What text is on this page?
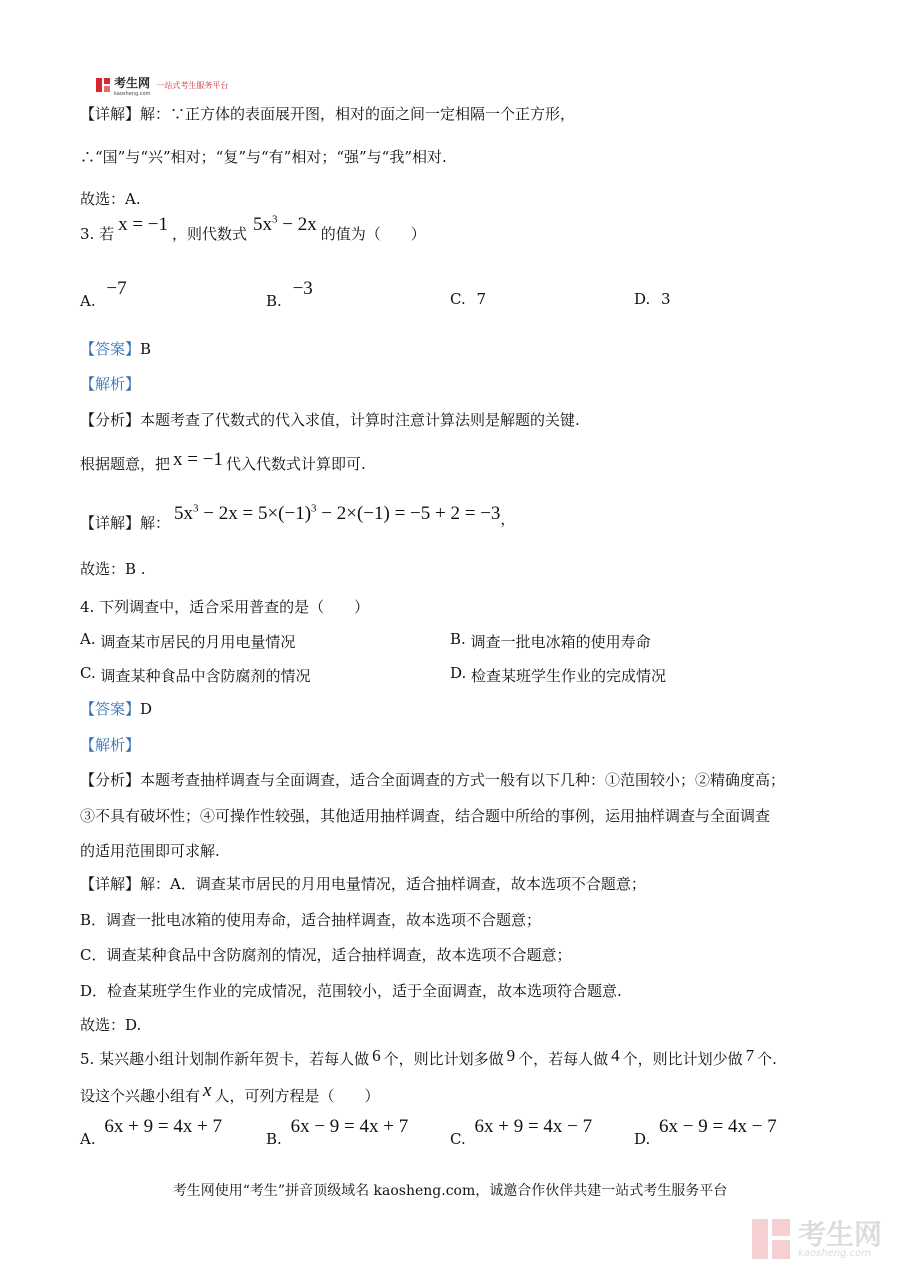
考生网
kaosheng.com
一站式考生服务平台
【详解】解：∵正方体的表面展开图，相对的面之间一定相隔一个正方形，
∴“国”与“兴”相对；“复”与“有”相对；“强”与“我”相对.
故选：A.
3. 若 x = −1 ，则代数式 $5x^3 - 2x$ 的值为（　　）
A. −7
B. −3	C. 7	D. 3
【答案】B
【解析】
【分析】本题考查了代数式的代入求值，计算时注意计算法则是解题的关键.
根据题意，把 x = −1 代入代数式计算即可.
【详解】解： $5x^3 - 2x = 5\times(-1)^3 - 2\times(-1) = -5 + 2 = -3$ ，
故选：B .
4. 下列调查中，适合采用普查的是（　　）
A. 调查某市居民的月用电量情况	B. 调查一批电冰箱的使用寿命
C. 调查某种食品中含防腐剂的情况	D. 检查某班学生作业的完成情况
【答案】D
【解析】
【分析】本题考查抽样调查与全面调查，适合全面调查的方式一般有以下几种：①范围较小；②精确度高；
③不具有破坏性；④可操作性较强，其他适用抽样调查，结合题中所给的事例，运用抽样调查与全面调查
的适用范围即可求解.
【详解】解：A．调查某市居民的月用电量情况，适合抽样调查，故本选项不合题意；
B．调查一批电冰箱的使用寿命，适合抽样调查，故本选项不合题意；
C．调查某种食品中含防腐剂的情况，适合抽样调查，故本选项不合题意；
D．检查某班学生作业的完成情况，范围较小，适于全面调查，故本选项符合题意.
故选：D.
5. 某兴趣小组计划制作新年贺卡，若每人做 6 个，则比计划多做 9 个，若每人做 4 个，则比计划少做 7 个.
设这个兴趣小组有 x 人，可列方程是（　　）
A. 6x + 9 = 4x + 7
B. 6x − 9 = 4x + 7
C. 6x + 9 = 4x − 7
D. 6x − 9 = 4x − 7
考生网使用“考生”拼音顶级域名 kaosheng.com，诚邀合作伙伴共建一站式考生服务平台
考生网
kaosheng.com
